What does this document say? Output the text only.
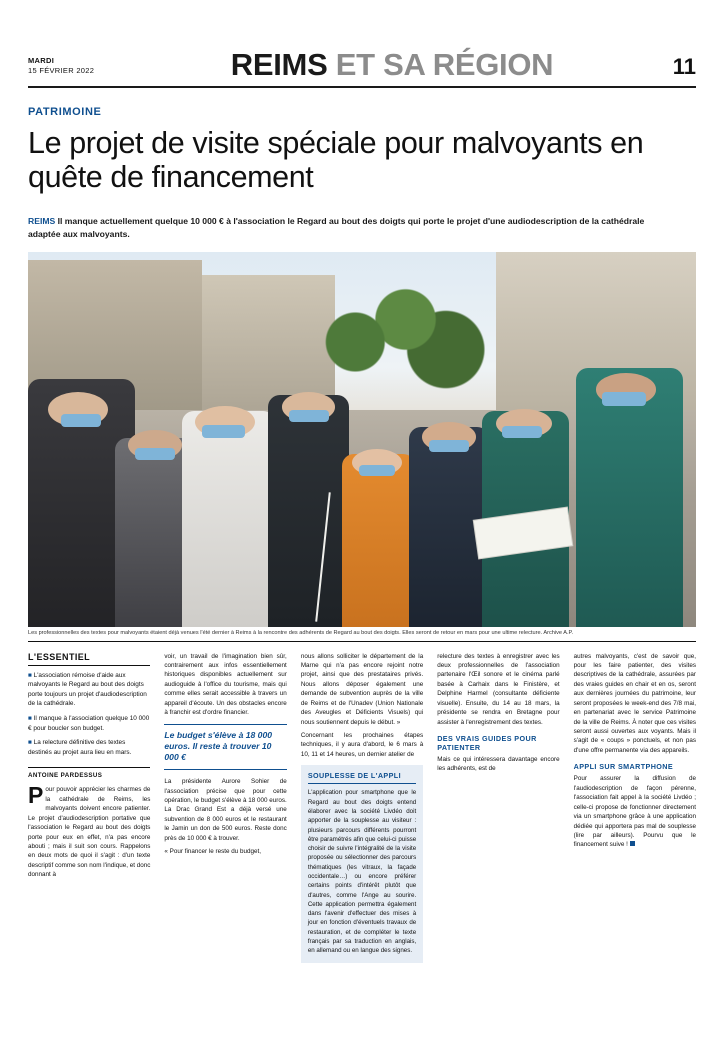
MARDI
15 FÉVRIER 2022	REIMS ET SA RÉGION	11
PATRIMOINE
Le projet de visite spéciale pour malvoyants en quête de financement
REIMS Il manque actuellement quelque 10 000 € à l'association le Regard au bout des doigts qui porte le projet d'une audiodescription de la cathédrale adaptée aux malvoyants.
Les professionnelles des textes pour malvoyants étaient déjà venues l'été dernier à Reims à la rencontre des adhérents de Regard au bout des doigts. Elles seront de retour en mars pour une ultime relecture. Archive A.P.
L'ESSENTIEL

■ L'association rémoise d'aide aux malvoyants le Regard au bout des doigts porte toujours un projet d'audiodescription de la cathédrale.

■ Il manque à l'association quelque 10 000 € pour boucler son budget.

■ La relecture définitive des textes destinés au projet aura lieu en mars.

ANTOINE PARDESSUS

Pour pouvoir apprécier les charmes de la cathédrale de Reims, les malvoyants doivent encore patienter. Le projet d'audiodescription portative que l'association le Regard au bout des doigts porte pour eux en effet, n'a pas encore abouti ; mais il suit son cours. Rappelons en deux mots de quoi il s'agit : d'un texte descriptif comme son nom l'indique, et donc donnant à

voir, un travail de l'imagination bien sûr, contrairement aux infos essentiellement historiques disponibles actuellement sur audioguide à l'office du tourisme, mais qui comme elles serait accessible à travers un appareil d'écoute. Un des obstacles encore à franchir est d'ordre financier.

Le budget s'élève à 18 000 euros. Il reste à trouver 10 000 €

La présidente Aurore Sohier de l'association précise que pour cette opération, le budget s'élève à 18 000 euros. La Drac Grand Est a déjà versé une subvention de 8 000 euros et le restaurant le Jamin un don de 500 euros. Reste donc près de 10 000 € à trouver.

« Pour financer le reste du budget,

nous allons solliciter le département de la Marne qui n'a pas encore rejoint notre projet, ainsi que des prestataires privés. Nous allons déposer également une demande de subvention auprès de la ville de Reims et de l'Unadev (Union Nationale des Aveugles et Déficients Visuels) qui nous soutiennent depuis le début. »

Concernant les prochaines étapes techniques, il y aura d'abord, le 6 mars à 10, 11 et 14 heures, un dernier atelier de

SOUPLESSE DE L'APPLI
L'application pour smartphone que le Regard au bout des doigts entend élaborer avec la société Livdéo doit apporter de la souplesse au visiteur : plusieurs parcours différents pourront être paramétrés afin que celui-ci puisse choisir de suivre l'intégralité de la visite proposée ou sélectionner des parcours thématiques (les vitraux, la façade occidentale…) ou encore préférer certains points d'intérêt plutôt que d'autres, comme l'Ange au sourire. Cette application permettra également dans l'avenir d'effectuer des mises à jour en fonction d'éventuels travaux de restauration, et de compléter le texte français par sa traduction en anglais, en allemand ou en langue des signes.

relecture des textes à enregistrer avec les deux professionnelles de l'association partenaire l'Œil sonore et le cinéma parlé basée à Carhaix dans le Finistère, et Delphine Harmel (consultante déficiente visuelle). Ensuite, du 14 au 18 mars, la présidente se rendra en Bretagne pour assister à l'enregistrement des textes.

DES VRAIS GUIDES POUR PATIENTER

Mais ce qui intéressera davantage encore les adhérents, est de

autres malvoyants, c'est de savoir que, pour les faire patienter, des visites descriptives de la cathédrale, assurées par des vraies guides en chair et en os, seront aux dernières journées du patrimoine, leur seront proposées le week-end des 7/8 mai, en partenariat avec le service Patrimoine de la ville de Reims. À noter que ces visites seront aussi ouvertes aux voyants. Mais il s'agit de « coups » ponctuels, et non pas d'une offre permanente via des appareils.

APPLI SUR SMARTPHONE

Pour assurer la diffusion de l'audiodescription de façon pérenne, l'association fait appel à la société Livdéo ; celle-ci propose de fonctionner directement via un smartphone grâce à une application dédiée qui apportera pas mal de souplesse (lire par ailleurs). Pourvu que le financement suive !
